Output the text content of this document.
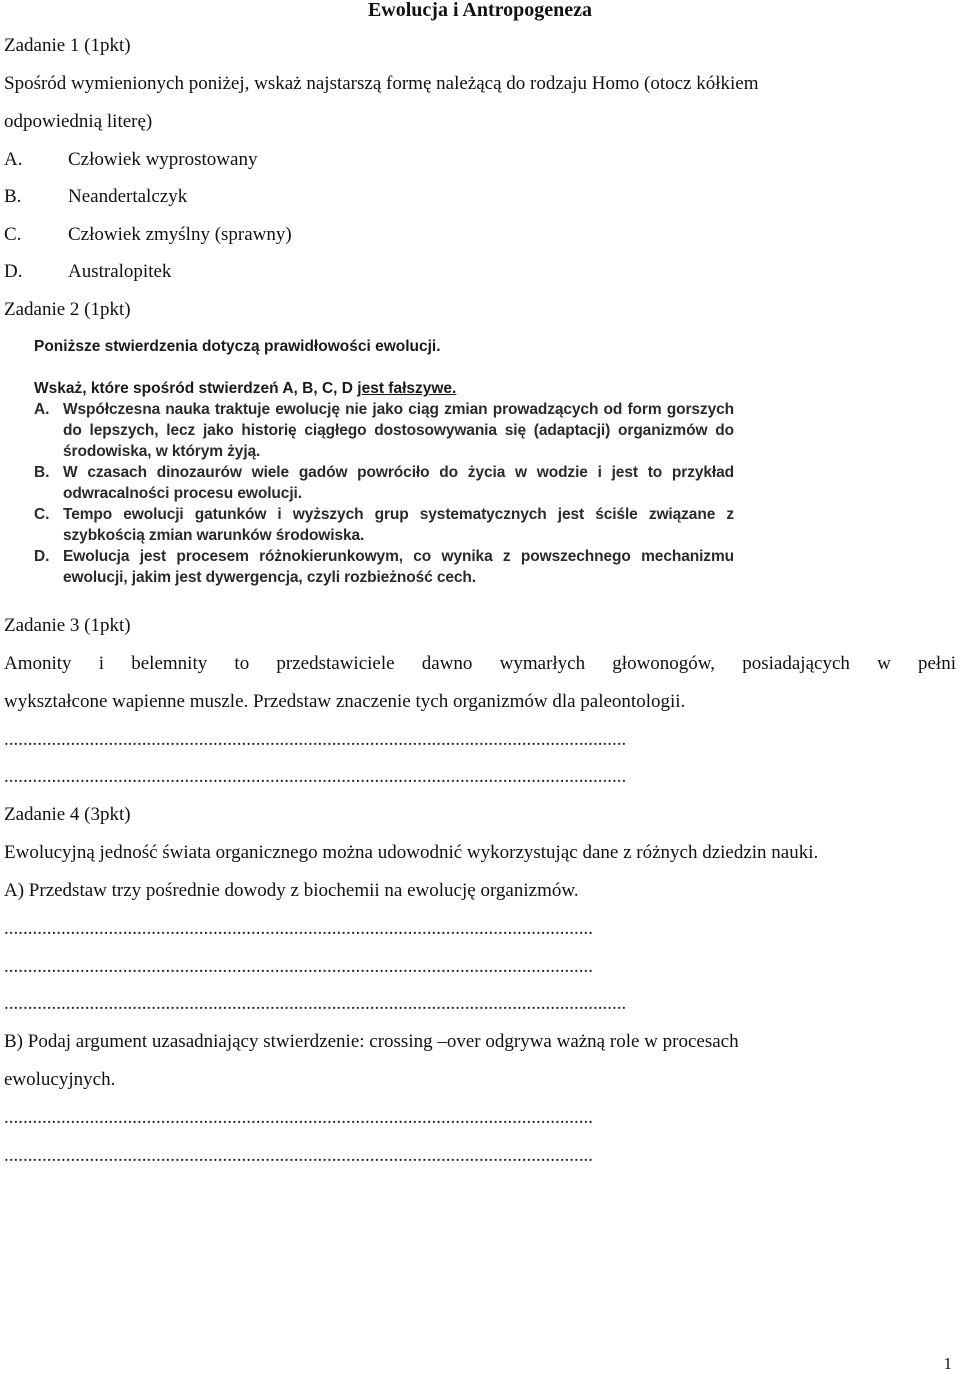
Ewolucja i Antropogeneza
Zadanie 1 (1pkt)
Spośród wymienionych poniżej, wskaż najstarszą formę należącą do rodzaju Homo (otocz kółkiem
odpowiednią literę)
A. Człowiek wyprostowany
B. Neandertalczyk
C. Człowiek zmyślny (sprawny)
D. Australopitek
Zadanie 2 (1pkt)
Poniższe stwierdzenia dotyczą prawidłowości ewolucji.
Wskaż, które spośród stwierdzeń A, B, C, D jest fałszywe.
A. Współczesna nauka traktuje ewolucję nie jako ciąg zmian prowadzących od form gorszych do lepszych, lecz jako historię ciągłego dostosowywania się (adaptacji) organizmów do środowiska, w którym żyją.
B. W czasach dinozaurów wiele gadów powróciło do życia w wodzie i jest to przykład odwracalności procesu ewolucji.
C. Tempo ewolucji gatunków i wyższych grup systematycznych jest ściśle związane z szybkością zmian warunków środowiska.
D. Ewolucja jest procesem różnokierunkowym, co wynika z powszechnego mechanizmu ewolucji, jakim jest dywergencja, czyli rozbieżność cech.
Zadanie 3 (1pkt)
Amonity i belemnity to przedstawiciele dawno wymarłych głowonogów, posiadających w pełni
wykształcone wapienne muszle. Przedstaw znaczenie tych organizmów dla paleontologii.
...................................................................................................................................
...................................................................................................................................
Zadanie 4 (3pkt)
Ewolucyjną jedność świata organicznego można udowodnić wykorzystując dane z różnych dziedzin nauki.
A) Przedstaw trzy pośrednie dowody z biochemii na ewolucję organizmów.
............................................................................................................................
............................................................................................................................
...................................................................................................................................
B) Podaj argument uzasadniający stwierdzenie: crossing –over odgrywa ważną role w procesach
ewolucyjnych.
............................................................................................................................
............................................................................................................................
1
